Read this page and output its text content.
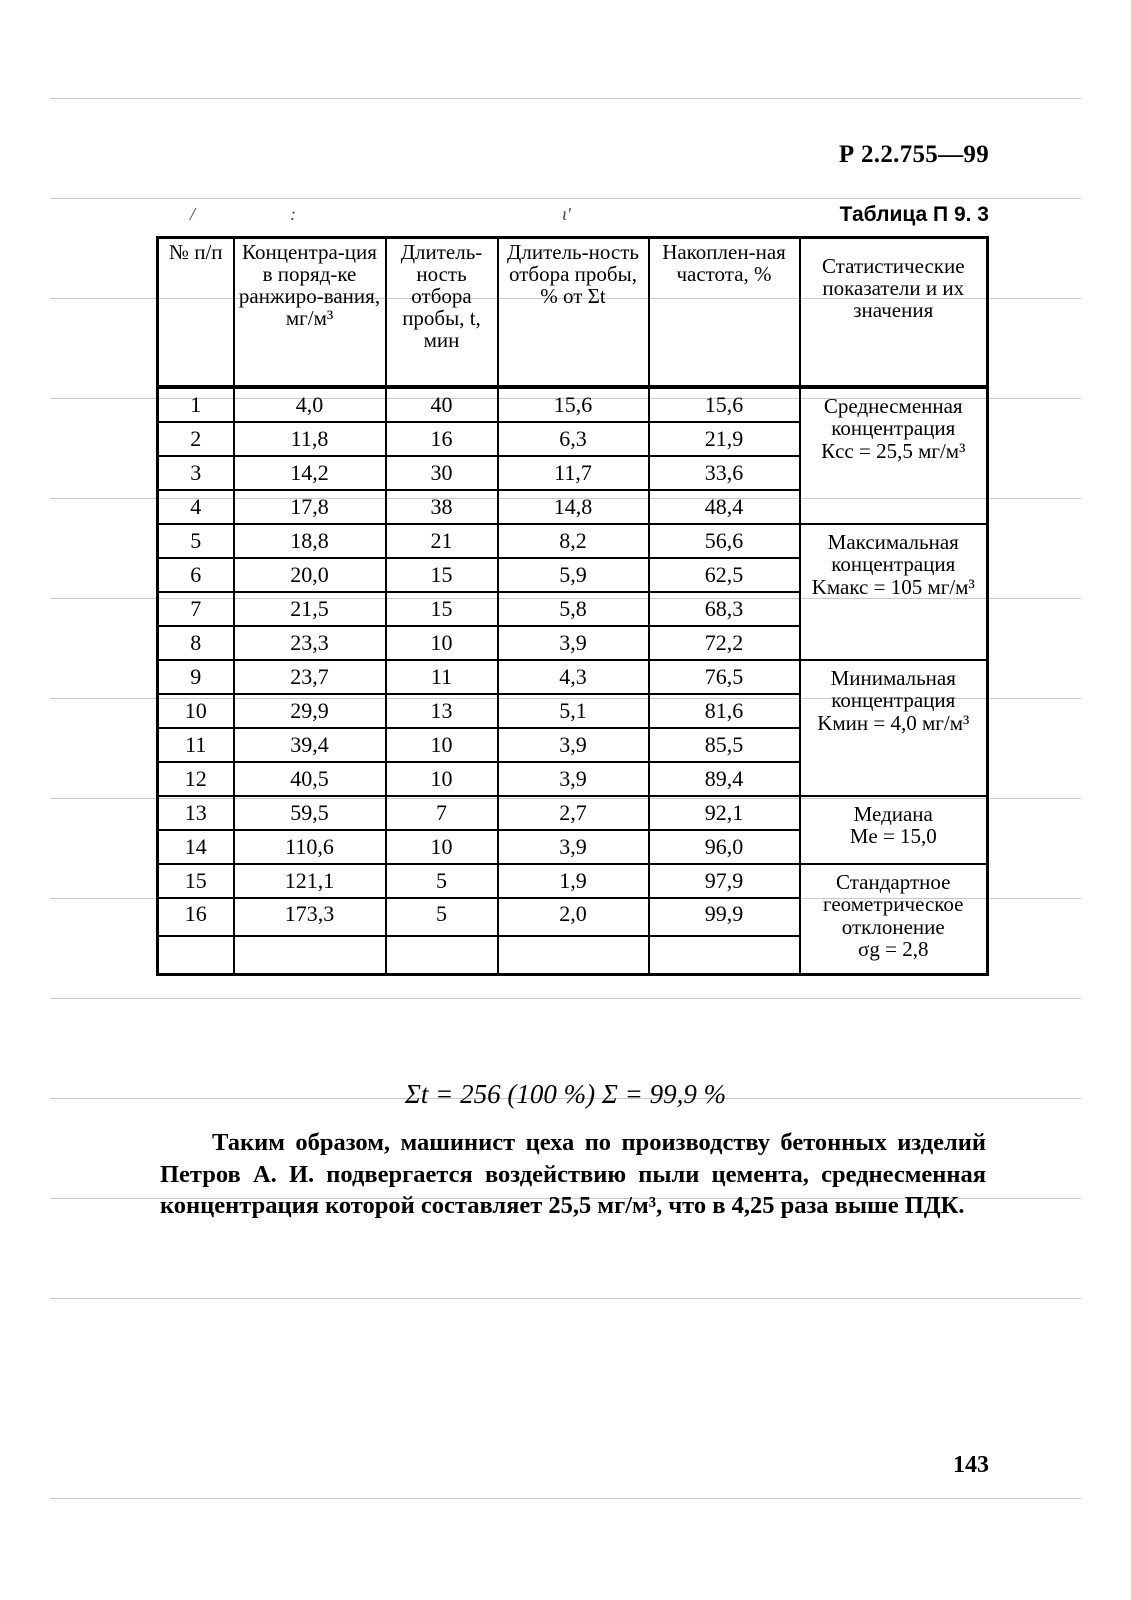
/	:	ι'
Р 2.2.755—99
Таблица П 9. 3
№ п/п	Концентра-ция в поряд-ке ранжиро-вания, мг/м³	Длитель-ность отбора пробы, t, мин	Длитель-ность отбора пробы, % от Σt	Накоплен-ная частота, %	Статистические показатели и их значения
1	4,0	40	15,6	15,6	Среднесменная концентрация
Кcc = 25,5 мг/м³

2	11,8	16	6,3	21,9	
3	14,2	30	11,7	33,6	
4	17,8	38	14,8	48,4	
5	18,8	21	8,2	56,6	Максимальная концентрация
Kмакс = 105 мг/м³

6	20,0	15	5,9	62,5	
7	21,5	15	5,8	68,3	
8	23,3	10	3,9	72,2	
9	23,7	11	4,3	76,5	Минимальная концентрация
Kмин = 4,0 мг/м³

10	29,9	13	5,1	81,6	
11	39,4	10	3,9	85,5	
12	40,5	10	3,9	89,4	
13	59,5	7	2,7	92,1	Медиана
Me = 15,0

14	110,6	10	3,9	96,0	
15	121,1	5	1,9	97,9	Стандартное геометрическое отклонение
σg = 2,8

16	173,3	5	2,0	99,9	

Σt = 256 (100 %) Σ = 99,9 %

Таким образом, машинист цеха по производству бетонных изделий Петров А. И. подвергается воздействию пыли цемента, среднесменная концентрация которой составляет 25,5 мг/м³, что в 4,25 раза выше ПДК.

143
